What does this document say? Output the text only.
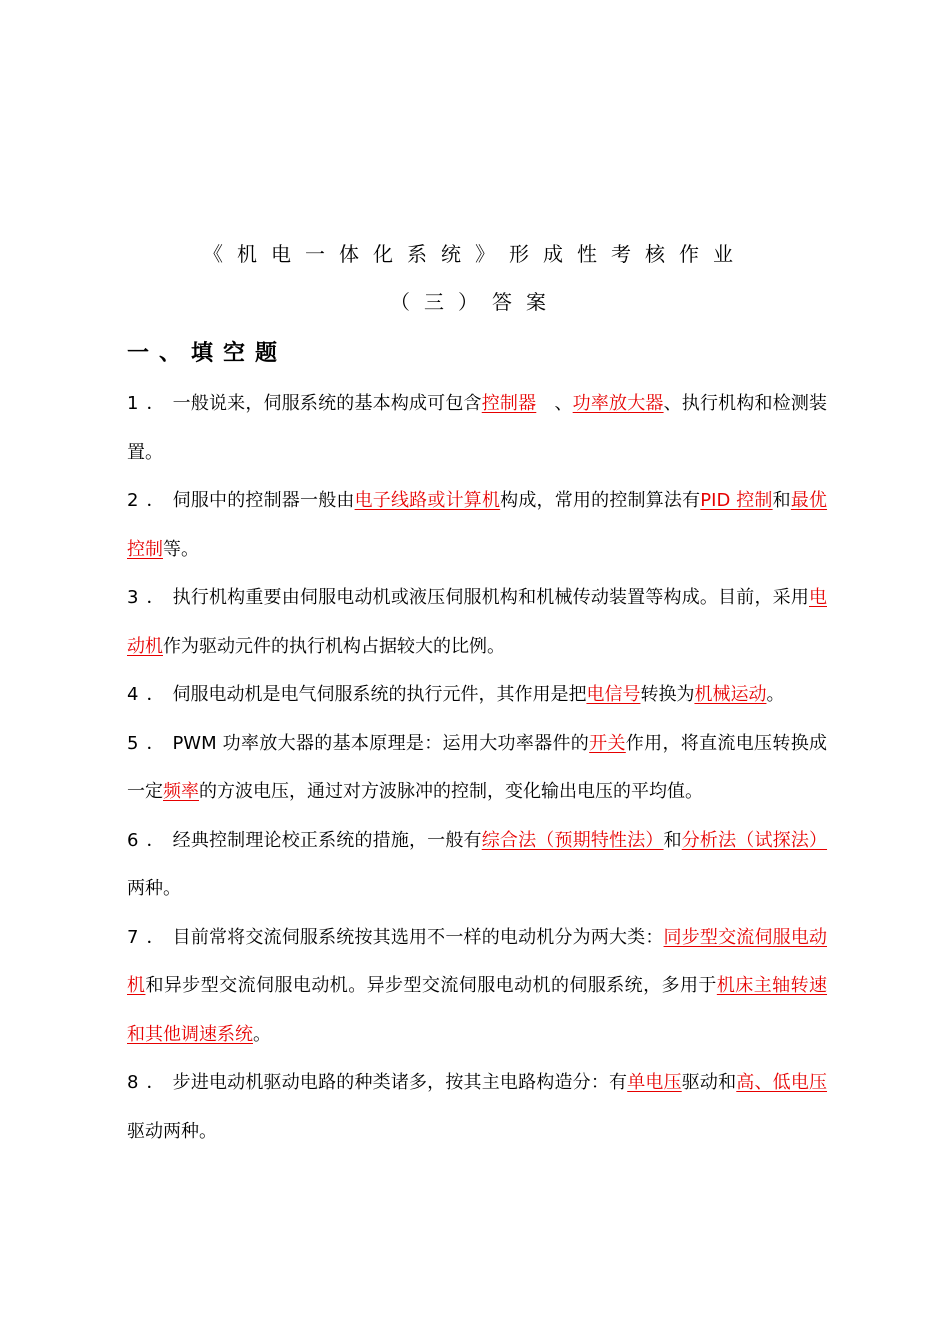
《机电一体化系统》形成性考核作业
（三）答案
一、填空题

1．一般说来，伺服系统的基本构成可包含控制器　、功率放大器、执行机构和检测装置。

2．伺服中的控制器一般由电子线路或计算机构成，常用的控制算法有PID 控制和最优控制等。

3．执行机构重要由伺服电动机或液压伺服机构和机械传动装置等构成。目前，采用电动机作为驱动元件的执行机构占据较大的比例。

4．伺服电动机是电气伺服系统的执行元件，其作用是把电信号转换为机械运动。

5．PWM 功率放大器的基本原理是：运用大功率器件的开关作用，将直流电压转换成一定频率的方波电压，通过对方波脉冲的控制，变化输出电压的平均值。

6．经典控制理论校正系统的措施，一般有综合法（预期特性法）和分析法（试探法）两种。

7．目前常将交流伺服系统按其选用不一样的电动机分为两大类：同步型交流伺服电动机和异步型交流伺服电动机。异步型交流伺服电动机的伺服系统，多用于机床主轴转速和其他调速系统。

8．步进电动机驱动电路的种类诸多，按其主电路构造分：有单电压驱动和高、低电压驱动两种。
